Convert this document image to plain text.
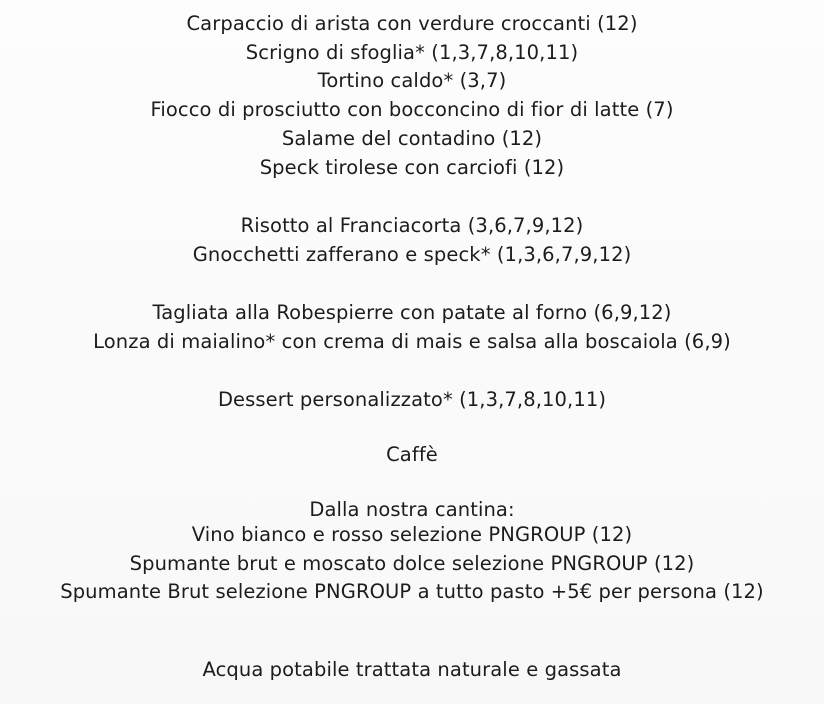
Carpaccio di arista con verdure croccanti (12)
Scrigno di sfoglia* (1,3,7,8,10,11)
Tortino caldo* (3,7)
Fiocco di prosciutto con bocconcino di fior di latte (7)
Salame del contadino (12)
Speck tirolese con carciofi (12)
Risotto al Franciacorta (3,6,7,9,12)
Gnocchetti zafferano e speck* (1,3,6,7,9,12)
Tagliata alla Robespierre con patate al forno (6,9,12)
Lonza di maialino* con crema di mais e salsa alla boscaiola (6,9)
Dessert personalizzato* (1,3,7,8,10,11)
Caffè
Dalla nostra cantina:
Vino bianco e rosso selezione PNGROUP (12)
Spumante brut e moscato dolce selezione PNGROUP (12)
Spumante Brut selezione PNGROUP a tutto pasto +5€ per persona (12)
Acqua potabile trattata naturale e gassata
